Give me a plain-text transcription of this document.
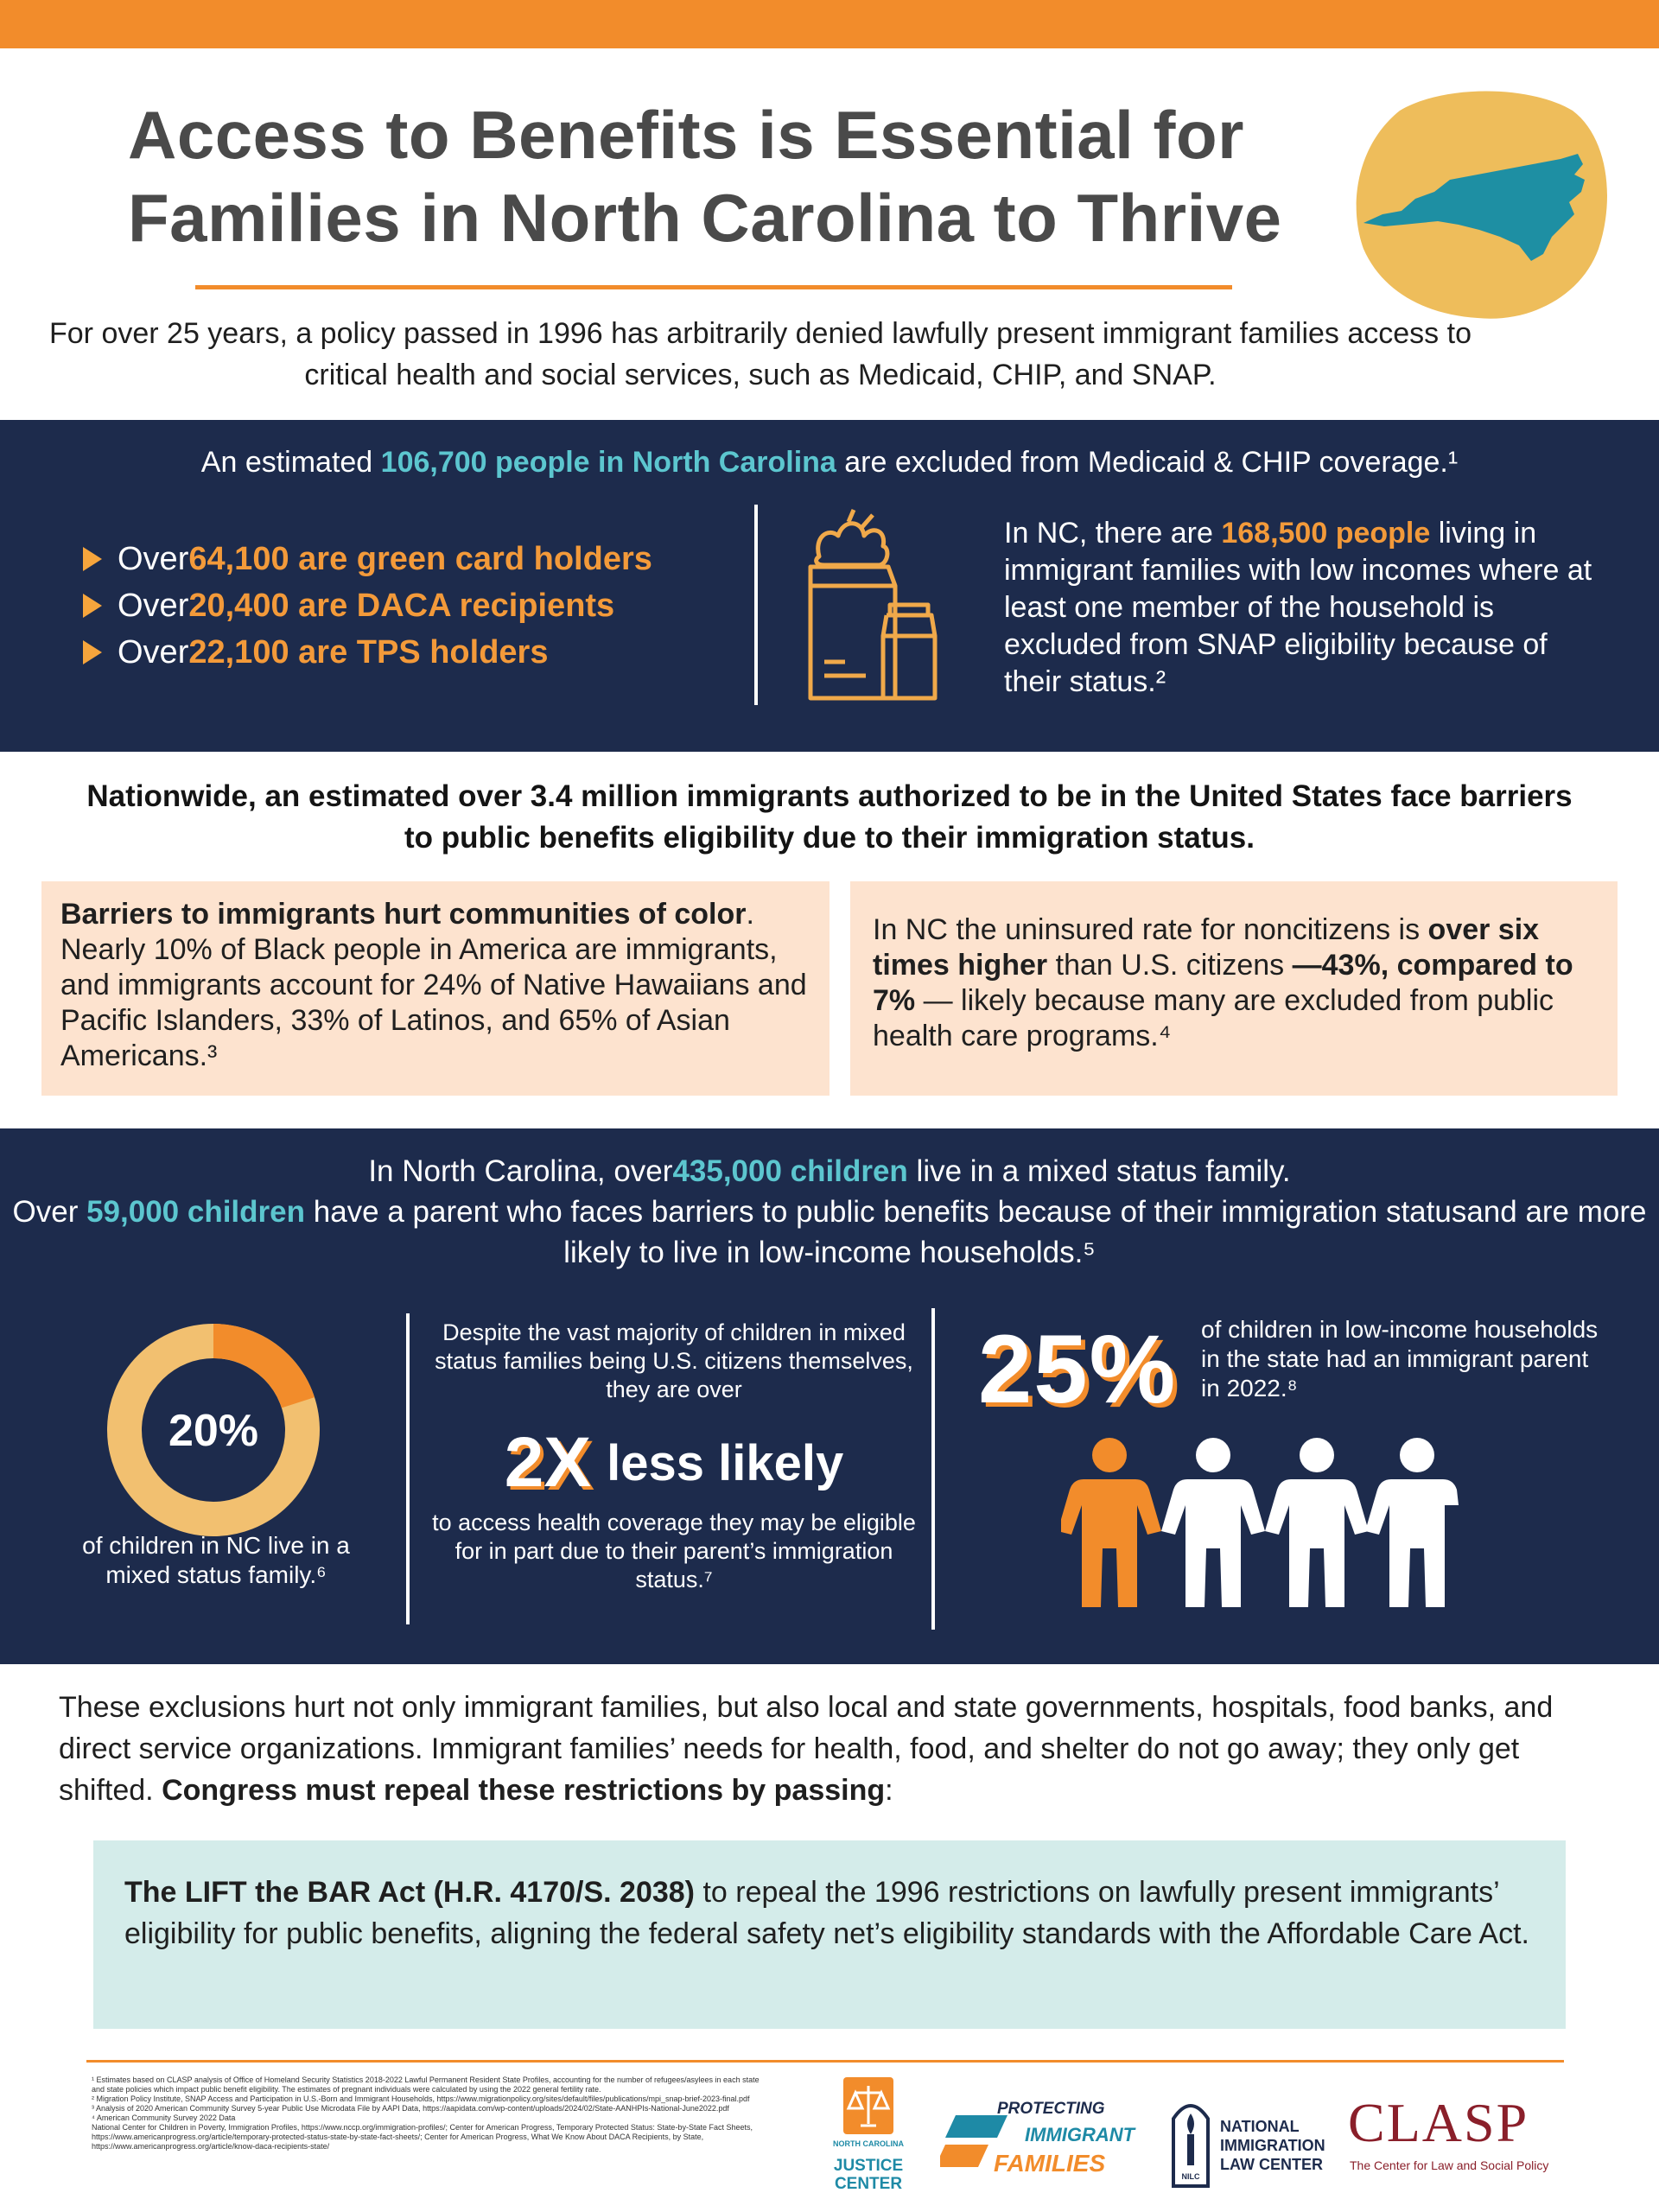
Access to Benefits is Essential for
Families in North Carolina to Thrive

For over 25 years, a policy passed in 1996 has arbitrarily denied lawfully present immigrant families access to critical health and social services, such as Medicaid, CHIP, and SNAP.

An estimated 106,700 people in North Carolina are excluded from Medicaid & CHIP coverage.¹

Over 64,100 are green card holders
Over 20,400 are DACA recipients
Over 22,100 are TPS holders

In NC, there are 168,500 people living in immigrant families with low incomes where at least one member of the household is excluded from SNAP eligibility because of their status.²

Nationwide, an estimated over 3.4 million immigrants authorized to be in the United States face barriers to public benefits eligibility due to their immigration status.

Barriers to immigrants hurt communities of color. Nearly 10% of Black people in America are immigrants, and immigrants account for 24% of Native Hawaiians and Pacific Islanders, 33% of Latinos, and 65% of Asian Americans.³
In NC the uninsured rate for noncitizens is over six times higher than U.S. citizens —43%, compared to 7% — likely because many are excluded from public health care programs.⁴

In North Carolina, over435,000 children live in a mixed status family.
Over 59,000 children have a parent who faces barriers to public benefits because of their immigration statusand are more likely to live in low-income households.⁵

20%

of children in NC live in a mixed status family.⁶

Despite the vast majority of children in mixed status families being U.S. citizens themselves, they are over

2X less likely

to access health coverage they may be eligible for in part due to their parent’s immigration status.⁷

25% of children in low-income households in the state had an immigrant parent in 2022.⁸

These exclusions hurt not only immigrant families, but also local and state governments, hospitals, food banks, and direct service organizations. Immigrant families’ needs for health, food, and shelter do not go away; they only get shifted. Congress must repeal these restrictions by passing:

The LIFT the BAR Act (H.R. 4170/S. 2038) to repeal the 1996 restrictions on lawfully present immigrants’ eligibility for public benefits, aligning the federal safety net’s eligibility standards with the Affordable Care Act.

¹ Estimates based on CLASP analysis of Office of Homeland Security Statistics 2018-2022 Lawful Permanent Resident State Profiles, accounting for the number of refugees/asylees in each state and state policies which impact public benefit eligibility. The estimates of pregnant individuals were calculated by using the 2022 general fertility rate.

² Migration Policy Institute, SNAP Access and Participation in U.S.-Born and Immigrant Households, https://www.migrationpolicy.org/sites/default/files/publications/mpi_snap-brief-2023-final.pdf

³ Analysis of 2020 American Community Survey 5-year Public Use Microdata File by AAPI Data, https://aapidata.com/wp-content/uploads/2024/02/State-AANHPIs-National-June2022.pdf

⁴ American Community Survey 2022 Data

National Center for Children in Poverty, Immigration Profiles, https://www.nccp.org/immigration-profiles/; Center for American Progress, Temporary Protected Status: State-by-State Fact Sheets, https://www.americanprogress.org/article/temporary-protected-status-state-by-state-fact-sheets/; Center for American Progress, What We Know About DACA Recipients, by State, https://www.americanprogress.org/article/know-daca-recipients-state/	NORTH CAROLINA
JUSTICE CENTER
PROTECTING
IMMIGRANT
FAMILIES	NILC
NATIONAL
IMMIGRATION
LAW CENTER
CLASP
The Center for Law and Social Policy
